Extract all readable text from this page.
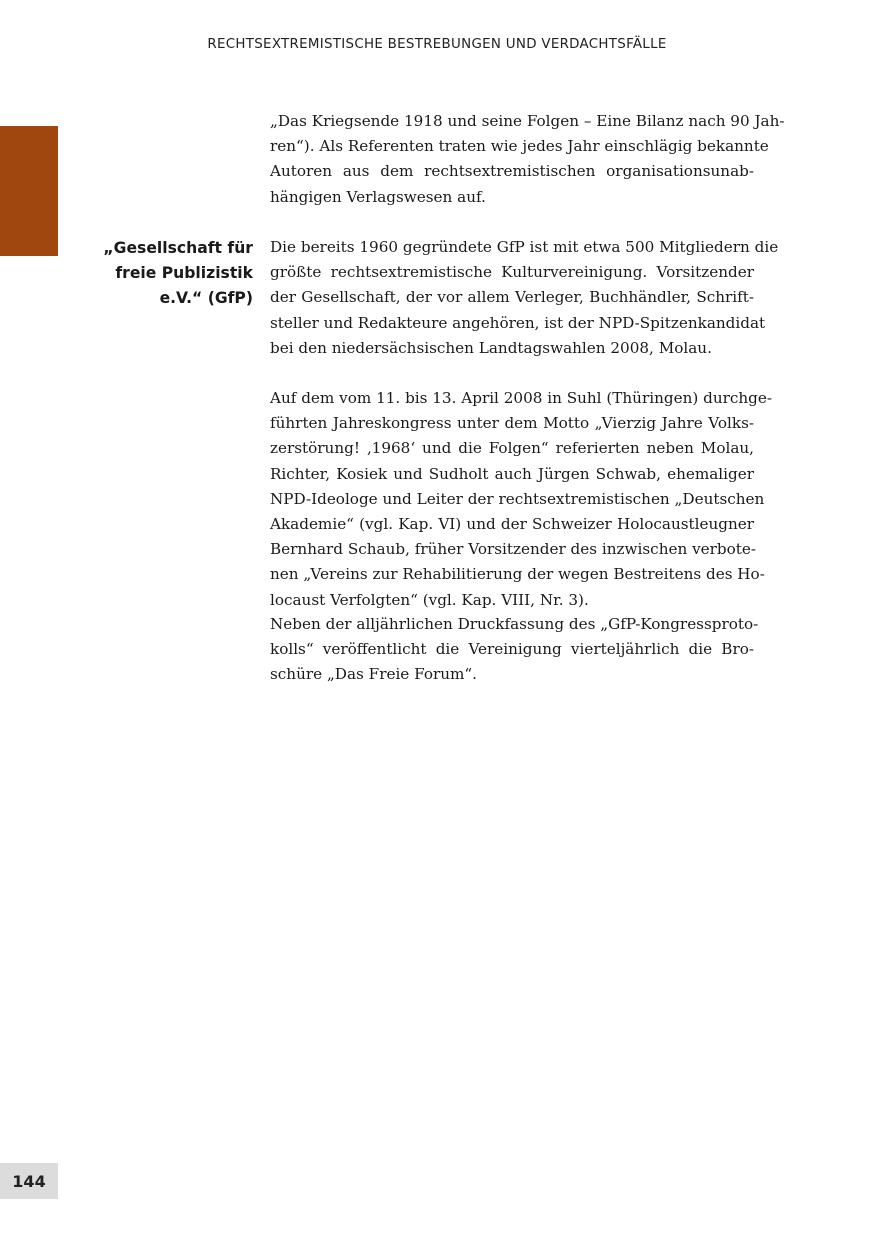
RECHTSEXTREMISTISCHE BESTREBUNGEN UND VERDACHTSFÄLLE
„Das Kriegsende 1918 und seine Folgen – Eine Bilanz nach 90 Jah-
ren“). Als Referenten traten wie jedes Jahr einschlägig bekannte
Autoren aus dem rechtsextremistischen organisationsunab-
hängigen Verlagswesen auf.
„Gesellschaft für
freie Publizistik
e.V.“ (GfP)
Die bereits 1960 gegründete GfP ist mit etwa 500 Mitgliedern die
größte rechtsextremistische Kulturvereinigung. Vorsitzender
der Gesellschaft, der vor allem Verleger, Buchhändler, Schrift-
steller und Redakteure angehören, ist der NPD-Spitzenkandidat
bei den niedersächsischen Landtagswahlen 2008, Molau.
Auf dem vom 11. bis 13. April 2008 in Suhl (Thüringen) durchge-
führten Jahreskongress unter dem Motto „Vierzig Jahre Volks-
zerstörung! ‚1968‘ und die Folgen“ referierten neben Molau,
Richter, Kosiek und Sudholt auch Jürgen Schwab, ehemaliger
NPD-Ideologe und Leiter der rechtsextremistischen „Deutschen
Akademie“ (vgl. Kap. VI) und der Schweizer Holocaustleugner
Bernhard Schaub, früher Vorsitzender des inzwischen verbote-
nen „Vereins zur Rehabilitierung der wegen Bestreitens des Ho-
locaust Verfolgten“ (vgl. Kap. VIII, Nr. 3).
Neben der alljährlichen Druckfassung des „GfP-Kongressproto-
kolls“ veröffentlicht die Vereinigung vierteljährlich die Bro-
schüre „Das Freie Forum“.
144
